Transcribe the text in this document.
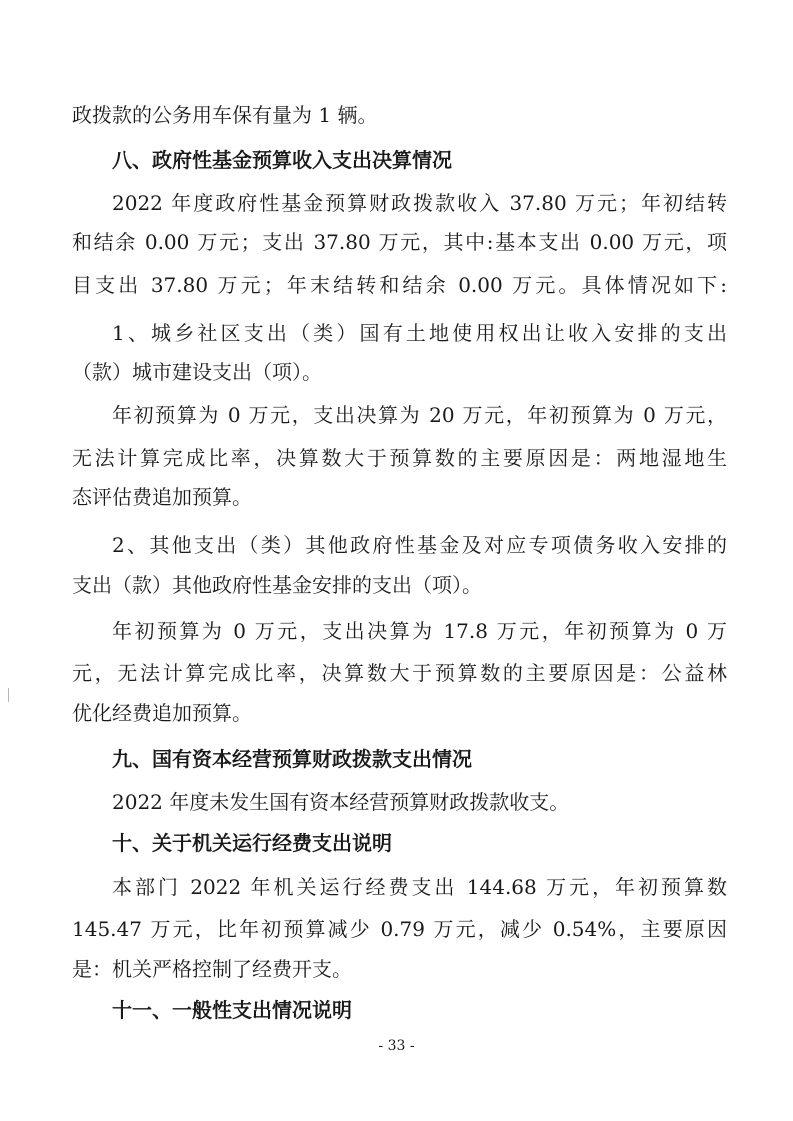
政拨款的公务用车保有量为 1 辆。
八、政府性基金预算收入支出决算情况
2022 年度政府性基金预算财政拨款收入 37.80 万元；年初结转
和结余 0.00 万元；支出 37.80 万元，其中:基本支出 0.00 万元，项
目支出 37.80 万元；年末结转和结余 0.00 万元。具体情况如下:
1、城乡社区支出（类）国有土地使用权出让收入安排的支出
（款）城市建设支出（项）。
年初预算为 0 万元，支出决算为 20 万元，年初预算为 0 万元，
无法计算完成比率，决算数大于预算数的主要原因是：两地湿地生
态评估费追加预算。
2、其他支出（类）其他政府性基金及对应专项债务收入安排的
支出（款）其他政府性基金安排的支出（项）。
年初预算为 0 万元，支出决算为 17.8 万元，年初预算为 0 万
元，无法计算完成比率，决算数大于预算数的主要原因是：公益林
优化经费追加预算。
九、国有资本经营预算财政拨款支出情况
2022 年度未发生国有资本经营预算财政拨款收支。
十、关于机关运行经费支出说明
本部门 2022 年机关运行经费支出 144.68 万元，年初预算数
145.47 万元，比年初预算减少 0.79 万元，减少 0.54%，主要原因
是：机关严格控制了经费开支。
十一、一般性支出情况说明
- 33 -
